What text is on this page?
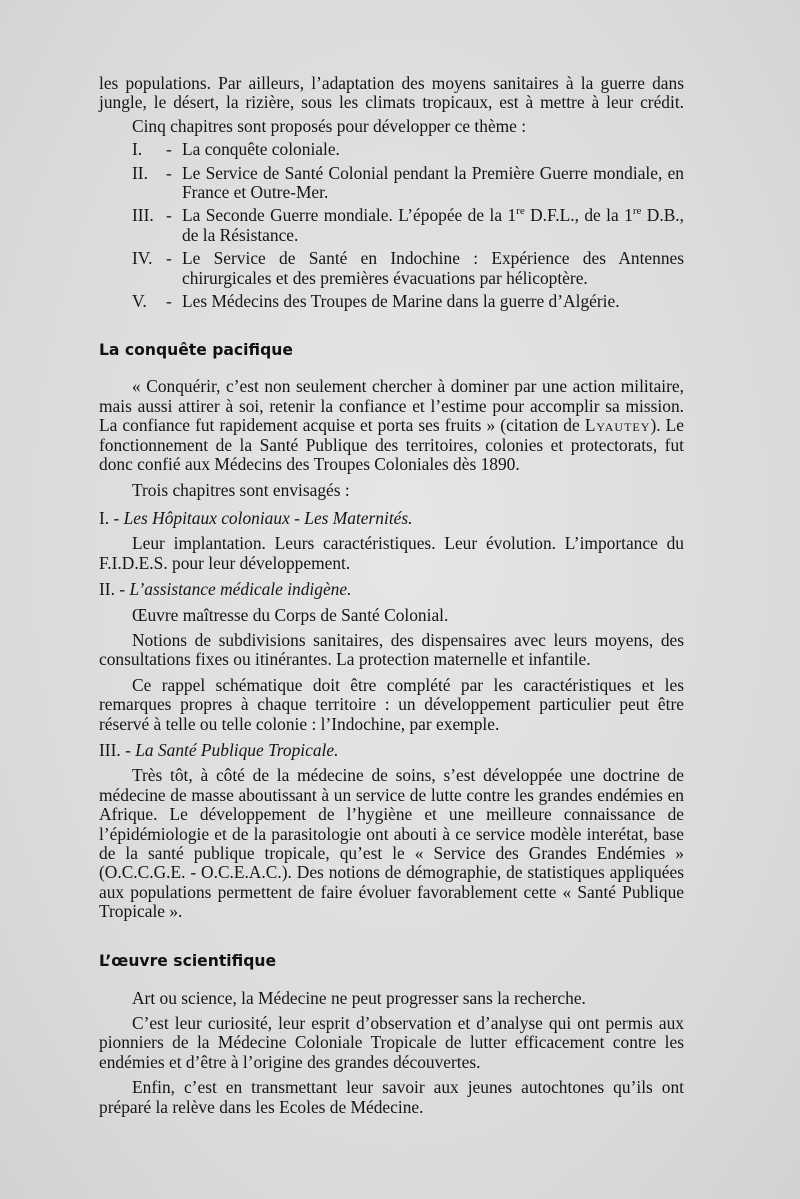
les populations. Par ailleurs, l’adaptation des moyens sanitaires à la guerre dans

jungle, le désert, la rizière, sous les climats tropicaux, est à mettre à leur crédit.

Cinq chapitres sont proposés pour développer ce thème :

I.	- La conquête coloniale.
II.	- Le Service de Santé Colonial pendant la Première Guerre mondiale, en France et Outre-Mer.
III. - La Seconde Guerre mondiale. L’épopée de la 1re D.F.L., de la 1re D.B., de la Résistance.
IV. - Le Service de Santé en Indochine : Expérience des Antennes chirurgicales et des premières évacuations par hélicoptère.
V.	- Les Médecins des Troupes de Marine dans la guerre d’Algérie.
La conquête pacifique

« Conquérir, c’est non seulement chercher à dominer par une action militaire, mais aussi attirer à soi, retenir la confiance et l’estime pour accomplir sa mission. La confiance fut rapidement acquise et porta ses fruits » (citation de Lyautey). Le fonctionnement de la Santé Publique des territoires, colonies et protectorats, fut donc confié aux Médecins des Troupes Coloniales dès 1890.

Trois chapitres sont envisagés :

I. - Les Hôpitaux coloniaux - Les Maternités.

Leur implantation. Leurs caractéristiques. Leur évolution. L’importance du F.I.D.E.S. pour leur développement.

II. - L’assistance médicale indigène.

Œuvre maîtresse du Corps de Santé Colonial.

Notions de subdivisions sanitaires, des dispensaires avec leurs moyens, des consultations fixes ou itinérantes. La protection maternelle et infantile.

Ce rappel schématique doit être complété par les caractéristiques et les remarques propres à chaque territoire : un développement particulier peut être réservé à telle ou telle colonie : l’Indochine, par exemple.

III. - La Santé Publique Tropicale.

Très tôt, à côté de la médecine de soins, s’est développée une doctrine de médecine de masse aboutissant à un service de lutte contre les grandes endémies en Afrique. Le développement de l’hygiène et une meilleure connaissance de l’épidémiologie et de la parasitologie ont abouti à ce service modèle interétat, base de la santé publique tropicale, qu’est le « Service des Grandes Endémies » (O.C.C.G.E. - O.C.E.A.C.). Des notions de démographie, de statistiques appliquées aux populations permettent de faire évoluer favorablement cette « Santé Publique Tropicale ».

L’œuvre scientifique

Art ou science, la Médecine ne peut progresser sans la recherche.

C’est leur curiosité, leur esprit d’observation et d’analyse qui ont permis aux pionniers de la Médecine Coloniale Tropicale de lutter efficacement contre les endémies et d’être à l’origine des grandes découvertes.

Enfin, c’est en transmettant leur savoir aux jeunes autochtones qu’ils ont préparé la relève dans les Ecoles de Médecine.
